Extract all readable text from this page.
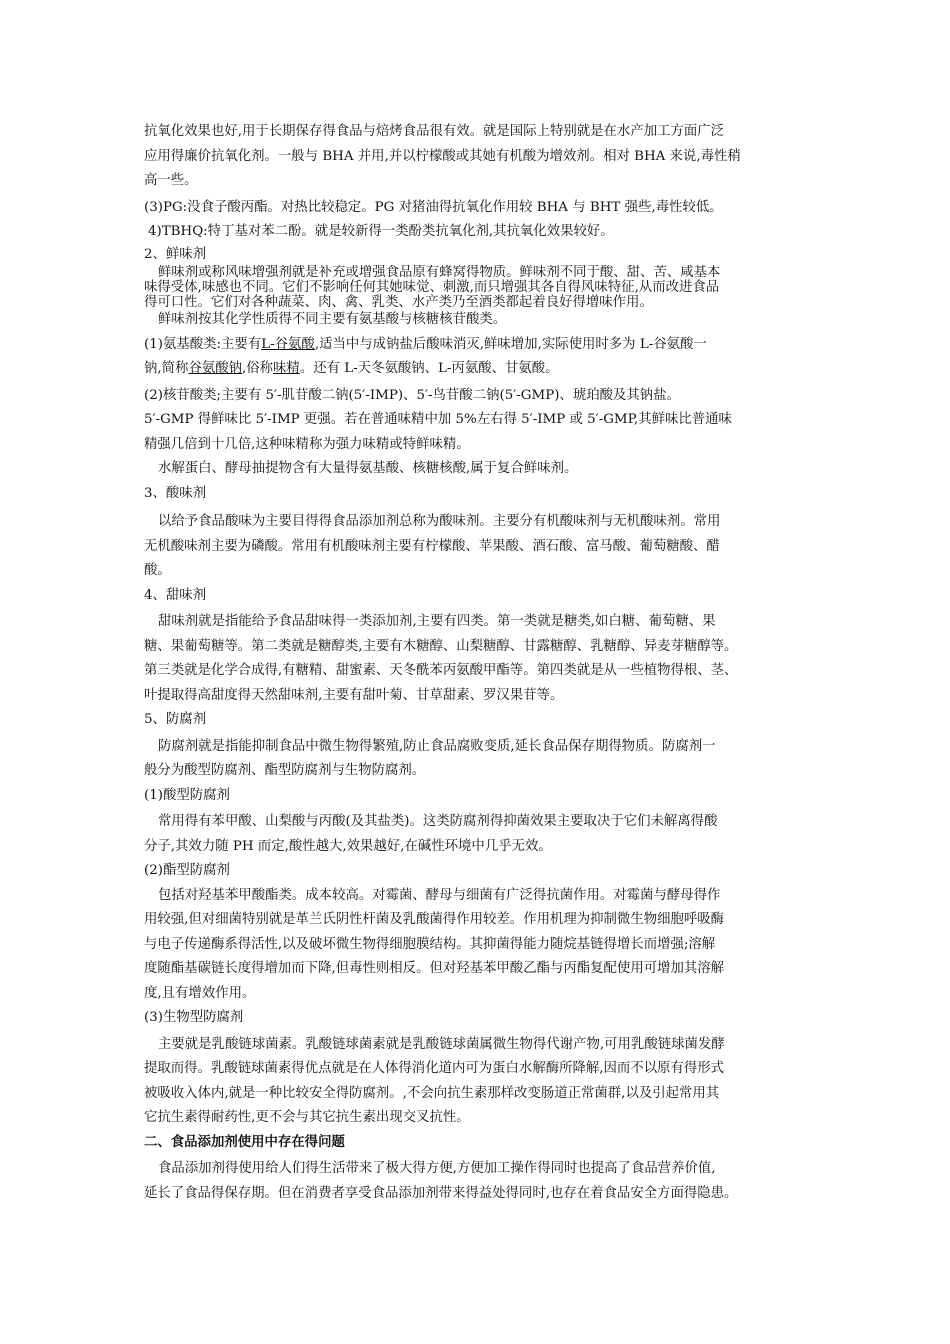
抗氧化效果也好,用于长期保存得食品与焙烤食品很有效。就是国际上特别就是在水产加工方面广泛
应用得廉价抗氧化剂。一般与 BHA 并用,并以柠檬酸或其她有机酸为增效剂。相对 BHA 来说,毒性稍
高一些。
(3)PG:没食子酸丙酯。对热比较稳定。PG 对猪油得抗氧化作用较 BHA 与 BHT 强些,毒性较低。
4)TBHQ:特丁基对苯二酚。就是较新得一类酚类抗氧化剂,其抗氧化效果较好。
2、鲜味剂
鲜味剂或称风味增强剂就是补充或增强食品原有蜂窝得物质。鲜味剂不同于酸、甜、苦、咸基本
味得受体,味感也不同。它们不影响任何其她味觉、刺激,而只增强其各自得风味特征,从而改进食品
得可口性。它们对各种蔬菜、肉、禽、乳类、水产类乃至酒类都起着良好得增味作用。
鲜味剂按其化学性质得不同主要有氨基酸与核糖核苷酸类。
(1)氨基酸类:主要有L-谷氨酸,适当中与成钠盐后酸味消灭,鲜味增加,实际使用时多为 L-谷氨酸一
钠,简称谷氨酸钠,俗称味精。还有 L-天冬氨酸钠、L-丙氨酸、甘氨酸。
(2)核苷酸类;主要有 5′-肌苷酸二钠(5′-IMP)、5′-鸟苷酸二钠(5′-GMP)、琥珀酸及其钠盐。
5′-GMP 得鲜味比 5′-IMP 更强。若在普通味精中加 5%左右得 5′-IMP 或 5′-GMP,其鲜味比普通味
精强几倍到十几倍,这种味精称为强力味精或特鲜味精。
水解蛋白、酵母抽提物含有大量得氨基酸、核糖核酸,属于复合鲜味剂。
3、酸味剂
以给予食品酸味为主要目得得食品添加剂总称为酸味剂。主要分有机酸味剂与无机酸味剂。常用
无机酸味剂主要为磷酸。常用有机酸味剂主要有柠檬酸、苹果酸、酒石酸、富马酸、葡萄糖酸、醋
酸。
4、甜味剂
甜味剂就是指能给予食品甜味得一类添加剂,主要有四类。第一类就是糖类,如白糖、葡萄糖、果
糖、果葡萄糖等。第二类就是糖醇类,主要有木糖醇、山梨糖醇、甘露糖醇、乳糖醇、异麦芽糖醇等。
第三类就是化学合成得,有糖精、甜蜜素、天冬酰苯丙氨酸甲酯等。第四类就是从一些植物得根、茎、
叶提取得高甜度得天然甜味剂,主要有甜叶菊、甘草甜素、罗汉果苷等。
5、防腐剂
防腐剂就是指能抑制食品中微生物得繁殖,防止食品腐败变质,延长食品保存期得物质。防腐剂一
般分为酸型防腐剂、酯型防腐剂与生物防腐剂。
(1)酸型防腐剂
常用得有苯甲酸、山梨酸与丙酸(及其盐类)。这类防腐剂得抑菌效果主要取决于它们未解离得酸
分子,其效力随 PH 而定,酸性越大,效果越好,在碱性环境中几乎无效。
(2)酯型防腐剂
包括对羟基苯甲酸酯类。成本较高。对霉菌、酵母与细菌有广泛得抗菌作用。对霉菌与酵母得作
用较强,但对细菌特别就是革兰氏阴性杆菌及乳酸菌得作用较差。作用机理为抑制微生物细胞呼吸酶
与电子传递酶系得活性,以及破坏微生物得细胞膜结构。其抑菌得能力随烷基链得增长而增强;溶解
度随酯基碳链长度得增加而下降,但毒性则相反。但对羟基苯甲酸乙酯与丙酯复配使用可增加其溶解
度,且有增效作用。
(3)生物型防腐剂
主要就是乳酸链球菌素。乳酸链球菌素就是乳酸链球菌属微生物得代谢产物,可用乳酸链球菌发酵
提取而得。乳酸链球菌素得优点就是在人体得消化道内可为蛋白水解酶所降解,因而不以原有得形式
被吸收入体内,就是一种比较安全得防腐剂。,不会向抗生素那样改变肠道正常菌群,以及引起常用其
它抗生素得耐药性,更不会与其它抗生素出现交叉抗性。
二、食品添加剂使用中存在得问题
食品添加剂得使用给人们得生活带来了极大得方便,方便加工操作得同时也提高了食品营养价值,
延长了食品得保存期。但在消费者享受食品添加剂带来得益处得同时,也存在着食品安全方面得隐患。
